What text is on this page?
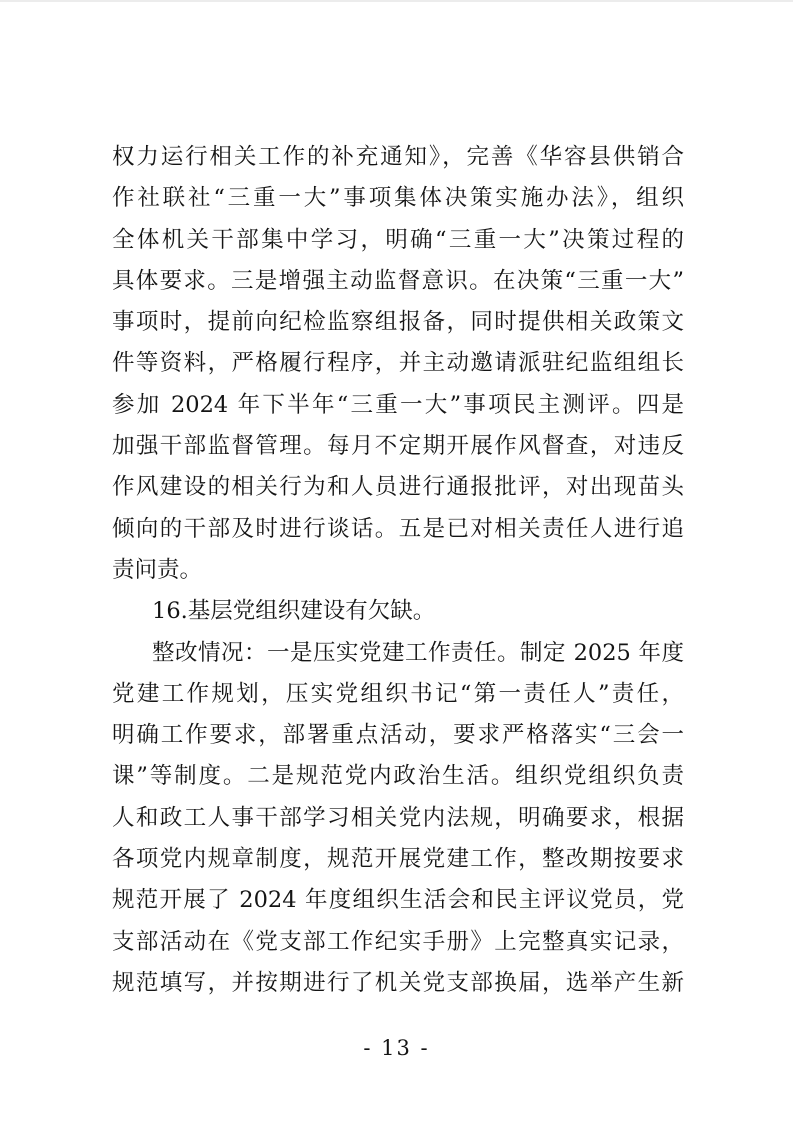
权力运行相关工作的补充通知》，完善《华容县供销合
作社联社“三重一大”事项集体决策实施办法》，组织
全体机关干部集中学习，明确“三重一大”决策过程的
具体要求。三是增强主动监督意识。在决策“三重一大”
事项时，提前向纪检监察组报备，同时提供相关政策文
件等资料，严格履行程序，并主动邀请派驻纪监组组长
参加 2024 年下半年“三重一大”事项民主测评。四是
加强干部监督管理。每月不定期开展作风督查，对违反
作风建设的相关行为和人员进行通报批评，对出现苗头
倾向的干部及时进行谈话。五是已对相关责任人进行追
责问责。
16.基层党组织建设有欠缺。
整改情况：一是压实党建工作责任。制定 2025 年度
党建工作规划，压实党组织书记“第一责任人”责任，
明确工作要求，部署重点活动，要求严格落实“三会一
课”等制度。二是规范党内政治生活。组织党组织负责
人和政工人事干部学习相关党内法规，明确要求，根据
各项党内规章制度，规范开展党建工作，整改期按要求
规范开展了 2024 年度组织生活会和民主评议党员，党
支部活动在《党支部工作纪实手册》上完整真实记录，
规范填写，并按期进行了机关党支部换届，选举产生新
- 13 -
